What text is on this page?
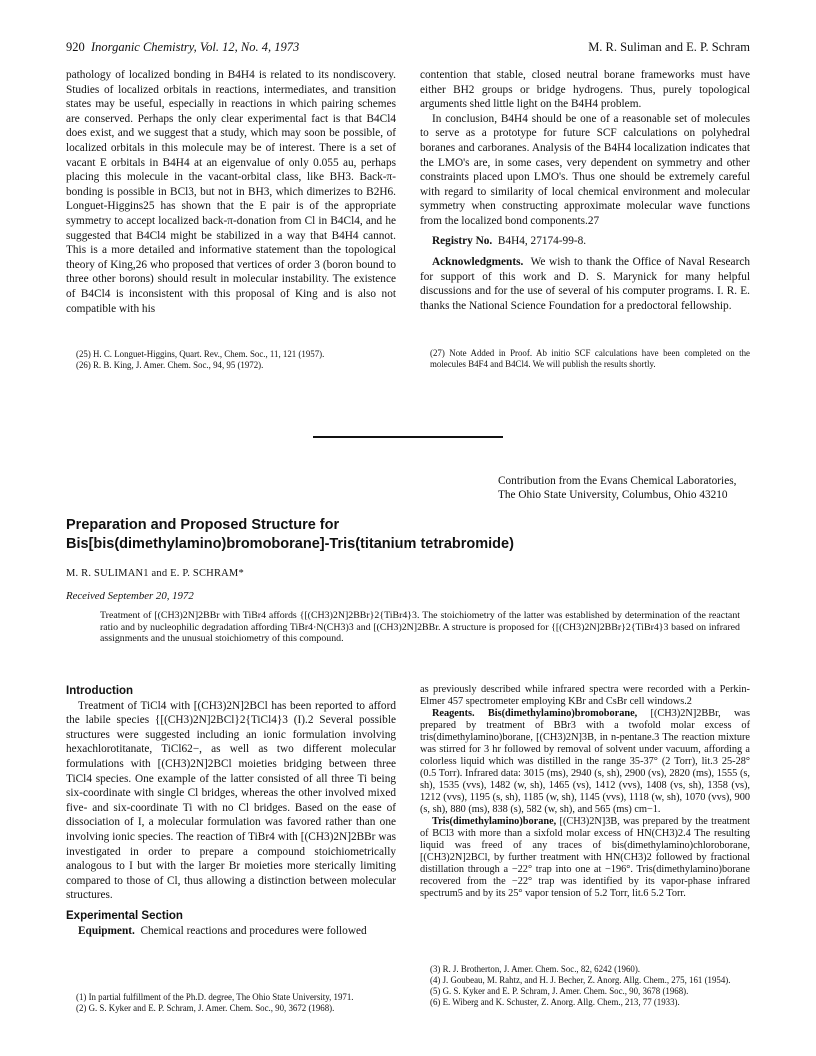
920 Inorganic Chemistry, Vol. 12, No. 4, 1973	M. R. Suliman and E. P. Schram

pathology of localized bonding in B4H4 is related to its nondiscovery. Studies of localized orbitals in reactions, intermediates, and transition states may be useful, especially in reactions in which pairing schemes are conserved. Perhaps the only clear experimental fact is that B4Cl4 does exist, and we suggest that a study, which may soon be possible, of localized orbitals in this molecule may be of interest. There is a set of vacant E orbitals in B4H4 at an eigenvalue of only 0.055 au, perhaps placing this molecule in the vacant-orbital class, like BH3. Back-π-bonding is possible in BCl3, but not in BH3, which dimerizes to B2H6. Longuet-Higgins25 has shown that the E pair is of the appropriate symmetry to accept localized back-π-donation from Cl in B4Cl4, and he suggested that B4Cl4 might be stabilized in a way that B4H4 cannot. This is a more detailed and informative statement than the topological theory of King,26 who proposed that vertices of order 3 (boron bound to three other borons) should result in molecular instability. The existence of B4Cl4 is inconsistent with this proposal of King and is also not compatible with his

(25) H. C. Longuet-Higgins, Quart. Rev., Chem. Soc., 11, 121 (1957).

(26) R. B. King, J. Amer. Chem. Soc., 94, 95 (1972).

contention that stable, closed neutral borane frameworks must have either BH2 groups or bridge hydrogens. Thus, purely topological arguments shed little light on the B4H4 problem.

In conclusion, B4H4 should be one of a reasonable set of molecules to serve as a prototype for future SCF calculations on polyhedral boranes and carboranes. Analysis of the B4H4 localization indicates that the LMO's are, in some cases, very dependent on symmetry and other constraints placed upon LMO's. Thus one should be extremely careful with regard to similarity of local chemical environment and molecular symmetry when constructing approximate molecular wave functions from the localized bond components.27

Registry No. B4H4, 27174-99-8.

Acknowledgments. We wish to thank the Office of Naval Research for support of this work and D. S. Marynick for many helpful discussions and for the use of several of his computer programs. I. R. E. thanks the National Science Foundation for a predoctoral fellowship.

(27) Note Added in Proof. Ab initio SCF calculations have been completed on the molecules B4F4 and B4Cl4. We will publish the results shortly.

Contribution from the Evans Chemical Laboratories,
The Ohio State University, Columbus, Ohio 43210
Preparation and Proposed Structure for
Bis[bis(dimethylamino)bromoborane]-Tris(titanium tetrabromide)
M. R. SULIMAN1 and E. P. SCHRAM*
Received September 20, 1972
Treatment of [(CH3)2N]2BBr with TiBr4 affords {[(CH3)2N]2BBr}2{TiBr4}3. The stoichiometry of the latter was established by determination of the reactant ratio and by nucleophilic degradation affording TiBr4·N(CH3)3 and [(CH3)2N]2BBr. A structure is proposed for {[(CH3)2N]2BBr}2{TiBr4}3 based on infrared assignments and the unusual stoichiometry of this compound.
Introduction

Treatment of TiCl4 with [(CH3)2N]2BCl has been reported to afford the labile species {[(CH3)2N]2BCl}2{TiCl4}3 (I).2 Several possible structures were suggested including an ionic formulation involving hexachlorotitanate, TiCl62−, as well as two different molecular formulations with [(CH3)2N]2BCl moieties bridging between three TiCl4 species. One example of the latter consisted of all three Ti being six-coordinate with single Cl bridges, whereas the other involved mixed five- and six-coordinate Ti with no Cl bridges. Based on the ease of dissociation of I, a molecular formulation was favored rather than one involving ionic species. The reaction of TiBr4 with [(CH3)2N]2BBr was investigated in order to prepare a compound stoichiometrically analogous to I but with the larger Br moieties more sterically limiting compared to those of Cl, thus allowing a distinction between molecular structures.

Experimental Section

Equipment. Chemical reactions and procedures were followed

(1) In partial fulfillment of the Ph.D. degree, The Ohio State University, 1971.

(2) G. S. Kyker and E. P. Schram, J. Amer. Chem. Soc., 90, 3672 (1968).

as previously described while infrared spectra were recorded with a Perkin-Elmer 457 spectrometer employing KBr and CsBr cell windows.2

Reagents. Bis(dimethylamino)bromoborane, [(CH3)2N]2BBr, was prepared by treatment of BBr3 with a twofold molar excess of tris(dimethylamino)borane, [(CH3)2N]3B, in n-pentane.3 The reaction mixture was stirred for 3 hr followed by removal of solvent under vacuum, affording a colorless liquid which was distilled in the range 35-37° (2 Torr), lit.3 25-28° (0.5 Torr). Infrared data: 3015 (ms), 2940 (s, sh), 2900 (vs), 2820 (ms), 1555 (s, sh), 1535 (vvs), 1482 (w, sh), 1465 (vs), 1412 (vvs), 1408 (vs, sh), 1358 (vs), 1212 (vvs), 1195 (s, sh), 1185 (w, sh), 1145 (vvs), 1118 (w, sh), 1070 (vvs), 900 (s, sh), 880 (ms), 838 (s), 582 (w, sh), and 565 (ms) cm−1.

Tris(dimethylamino)borane, [(CH3)2N]3B, was prepared by the treatment of BCl3 with more than a sixfold molar excess of HN(CH3)2.4 The resulting liquid was freed of any traces of bis(dimethylamino)chloroborane, [(CH3)2N]2BCl, by further treatment with HN(CH3)2 followed by fractional distillation through a −22° trap into one at −196°. Tris(dimethylamino)borane recovered from the −22° trap was identified by its vapor-phase infrared spectrum5 and by its 25° vapor tension of 5.2 Torr, lit.6 5.2 Torr.

(3) R. J. Brotherton, J. Amer. Chem. Soc., 82, 6242 (1960).

(4) J. Goubeau, M. Rahtz, and H. J. Becher, Z. Anorg. Allg. Chem., 275, 161 (1954).

(5) G. S. Kyker and E. P. Schram, J. Amer. Chem. Soc., 90, 3678 (1968).

(6) E. Wiberg and K. Schuster, Z. Anorg. Allg. Chem., 213, 77 (1933).
